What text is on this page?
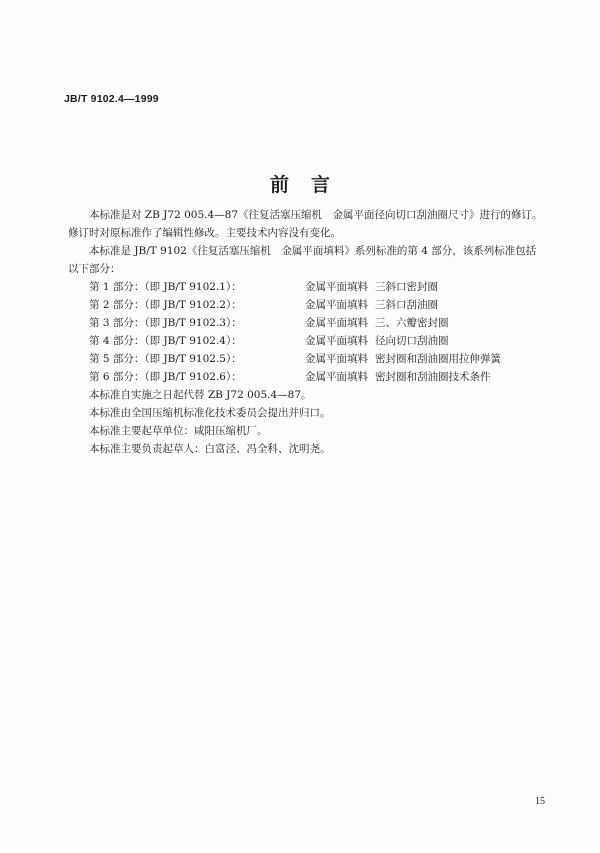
JB/T 9102.4—1999
前言

本标准是对 ZB J72 005.4—87《往复活塞压缩机　金属平面径向切口刮油圈尺寸》进行的修订。

修订时对原标准作了编辑性修改。主要技术内容没有变化。

本标准是 JB/T 9102《往复活塞压缩机　金属平面填料》系列标准的第 4 部分，该系列标准包括

以下部分：

第 1 部分：（即 JB/T 9102.1）：	金属平面填料 三斜口密封圈
第 2 部分：（即 JB/T 9102.2）：	金属平面填料 三斜口刮油圈
第 3 部分：（即 JB/T 9102.3）：	金属平面填料 三、六瓣密封圈
第 4 部分：（即 JB/T 9102.4）：	金属平面填料 径向切口刮油圈
第 5 部分：（即 JB/T 9102.5）：	金属平面填料 密封圈和刮油圈用拉伸弹簧
第 6 部分：（即 JB/T 9102.6）：	金属平面填料 密封圈和刮油圈技术条件

本标准自实施之日起代替 ZB J72 005.4—87。

本标准由全国压缩机标准化技术委员会提出并归口。

本标准主要起草单位：咸阳压缩机厂。

本标准主要负责起草人：白富泾、冯全科、沈明尧。

15
